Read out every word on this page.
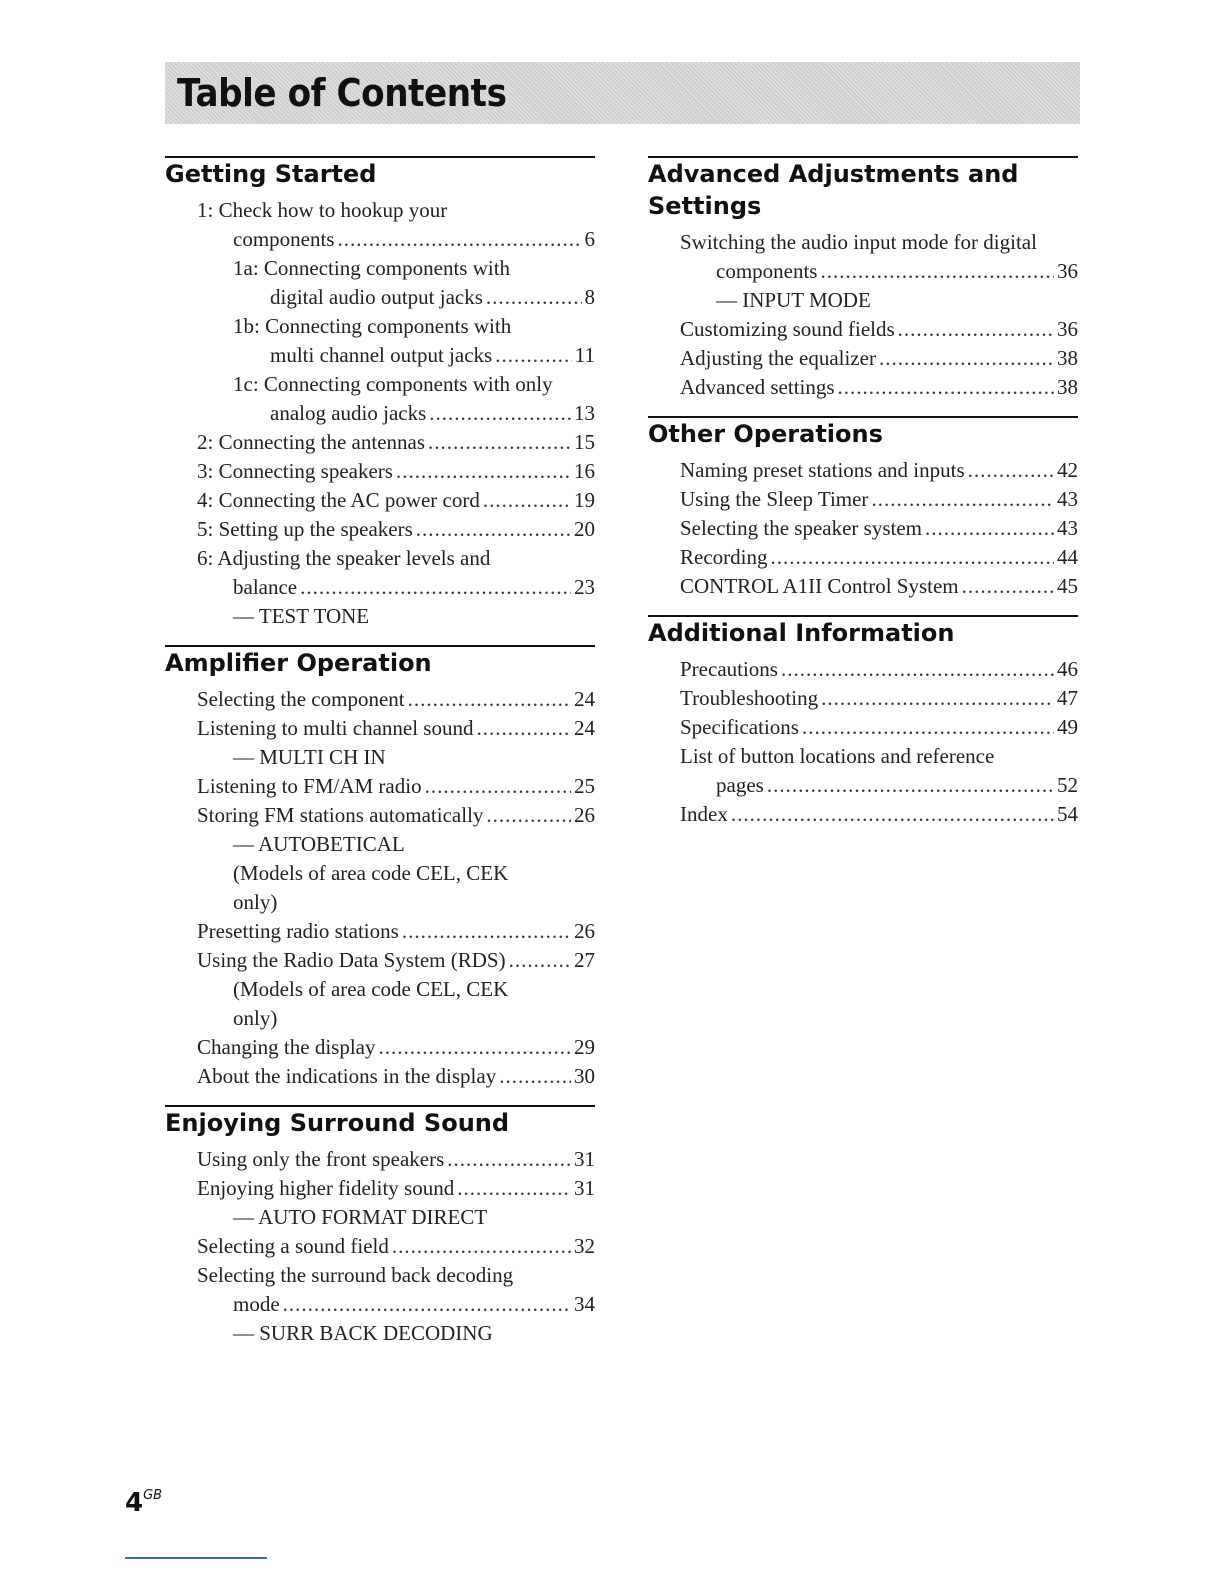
Table of Contents
Getting Started
1: Check how to hookup your
components .....	6
1a: Connecting components with
digital audio output jacks .....	8
1b: Connecting components with
multi channel output jacks .....	11
1c: Connecting components with only
analog audio jacks .....	13
2: Connecting the antennas .....	15
3: Connecting speakers .....	16
4: Connecting the AC power cord .....	19
5: Setting up the speakers .....	20
6: Adjusting the speaker levels and
balance .....	23
— TEST TONE
Amplifier Operation
Selecting the component .....	24
Listening to multi channel sound .....	24
— MULTI CH IN
Listening to FM/AM radio .....	25
Storing FM stations automatically .....	26
— AUTOBETICAL
(Models of area code CEL, CEK
only)
Presetting radio stations .....	26
Using the Radio Data System (RDS) .....	27
(Models of area code CEL, CEK
only)
Changing the display .....	29
About the indications in the display .....	30
Enjoying Surround Sound
Using only the front speakers .....	31
Enjoying higher fidelity sound .....	31
— AUTO FORMAT DIRECT
Selecting a sound field .....	32
Selecting the surround back decoding
mode .....	34
— SURR BACK DECODING
Advanced Adjustments and Settings
Switching the audio input mode for digital
components .....	36
— INPUT MODE
Customizing sound fields .....	36
Adjusting the equalizer .....	38
Advanced settings .....	38
Other Operations
Naming preset stations and inputs .....	42
Using the Sleep Timer .....	43
Selecting the speaker system .....	43
Recording .....	44
CONTROL A1II Control System .....	45
Additional Information
Precautions .....	46
Troubleshooting .....	47
Specifications .....	49
List of button locations and reference
pages .....	52
Index .....	54
$4^{GB}$
